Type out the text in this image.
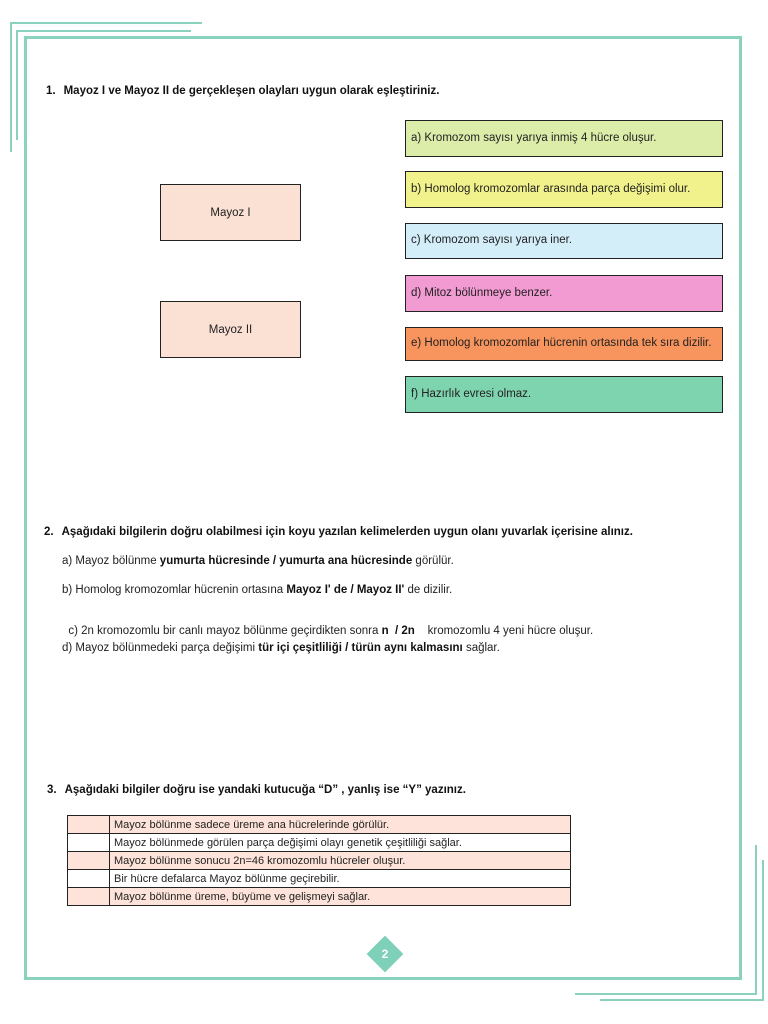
1. Mayoz I ve Mayoz II de gerçekleşen olayları uygun olarak eşleştiriniz.
Mayoz I
Mayoz II
a) Kromozom sayısı yarıya inmiş 4 hücre oluşur.
b) Homolog kromozomlar arasında parça değişimi olur.
c) Kromozom sayısı yarıya iner.
d) Mitoz bölünmeye benzer.
e) Homolog kromozomlar hücrenin ortasında tek sıra dizilir.
f) Hazırlık evresi olmaz.
2. Aşağıdaki bilgilerin doğru olabilmesi için koyu yazılan kelimelerden uygun olanı yuvarlak içerisine alınız.
a) Mayoz bölünme yumurta hücresinde / yumurta ana hücresinde görülür.
b) Homolog kromozomlar hücrenin ortasına Mayoz I' de / Mayoz II' de dizilir.

c) 2n kromozomlu bir canlı mayoz bölünme geçirdikten sonra n  / 2n    kromozomlu 4 yeni hücre oluşur.

d) Mayoz bölünmedeki parça değişimi tür içi çeşitliliği / türün aynı kalmasını sağlar.
3. Aşağıdaki bilgiler doğru ise yandaki kutucuğa “D” , yanlış ise “Y” yazınız.
	Mayoz bölünme sadece üreme ana hücrelerinde görülür.
	Mayoz bölünmede görülen parça değişimi olayı genetik çeşitliliği sağlar.
	Mayoz bölünme sonucu 2n=46 kromozomlu hücreler oluşur.
	Bir hücre defalarca Mayoz bölünme geçirebilir.
	Mayoz bölünme üreme, büyüme ve gelişmeyi sağlar.
2
